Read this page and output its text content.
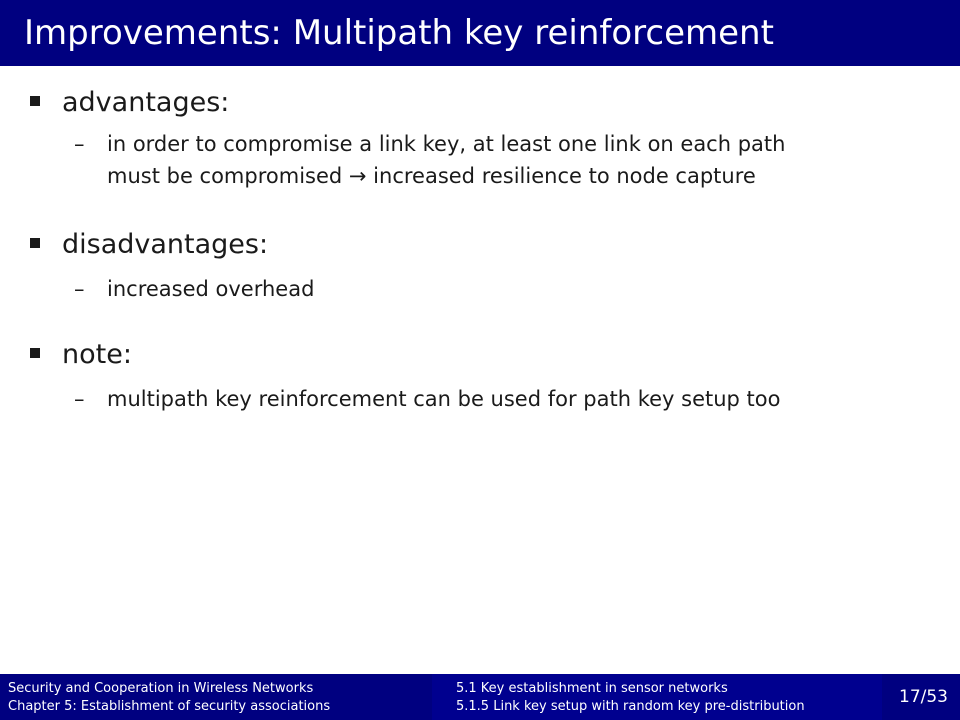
Improvements: Multipath key reinforcement
advantages:
– in order to compromise a link key, at least one link on each path
must be compromised → increased resilience to node capture
disadvantages:
– increased overhead
note:
– multipath key reinforcement can be used for path key setup too
Security and Cooperation in Wireless Networks
Chapter 5: Establishment of security associations
5.1 Key establishment in sensor networks
5.1.5 Link key setup with random key pre-distribution	17/53
